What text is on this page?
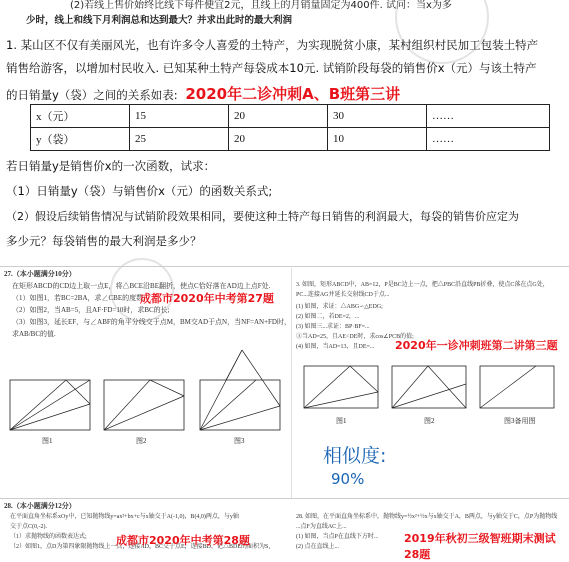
(2)若线上售价始终比线下每件便宜2元，且线上的月销量固定为400件. 试问：当x为多
少时，线上和线下月利润总和达到最大？并求出此时的最大利润
1. 某山区不仅有美丽风光，也有许多令人喜爱的土特产，为实现脱贫小康，某村组织村民加工包装土特产
销售给游客，以增加村民收入. 已知某种土特产每袋成本10元. 试销阶段每袋的销售价x（元）与该土特产
的日销量y（袋）之间的关系如表: 2020年二诊冲刺A、B班第三讲
x（元）	15	20	30	……
y（袋）	25	20	10	……
若日销量y是销售价x的一次函数，试求：
（1）日销量y（袋）与销售价x（元）的函数关系式;
（2）假设后续销售情况与试销阶段效果相同，要使这种土特产每日销售的利润最大，每袋的销售价应定为
多少元？每袋销售的最大利润是多少？
27.（本小题满分10分）
在矩形ABCD的CD边上取一点E，将△BCE沿BE翻折，使点C恰好落在AD边上点F处.
（1）如图1，若BC=2BA，求∠CBE的度数;
（2）如图2，当AB=5，且AF·FD=10时，求BC的长;
（3）如图3，延长EF，与∠ABF的角平分线交于点M，BM交AD于点N，当NF=AN+FD时，
求AB/BC的值.
成都市2020年中考第27题
图1	图2	图3
3. 如图，矩形ABCD中，AB=12，P是BC边上一点，把△PBC沿直线PB折叠，使点C落在点G处，
PC...连接AG并延长交射线CD于点...
(1) 如图，求证：△ABG∽△EDG;
(2) 如图二，若DE=2，...
(3) 如图三...求证：BP·BF=...
③当AD=25，且AE<DE时，求cos∠PCB的值;
(4) 如图，当AD=13，且DE=... 2020年一诊冲刺班第二讲第三题
图1	图2	图3备用图
相似度:
90%
28.（本小题满分12分）
在平面直角坐标系xOy中，已知抛物线y=ax²+bx+c与x轴交于A(-1,0)，B(4,0)两点，与y轴
交于点C(0,-2).
（1）求抛物线的函数表达式;
（2）如图1，点D为第四象限抛物线上一点，连接AD，BC交于点E，连接BD，记△BDE的面积为S₁
成都市2020年中考第28题
28. 如图，在平面直角坐标系中，抛物线y=½x²+½x与x轴交于A，B两点，与y轴交于C，点P为抛物线
...点F为直线AC上...
(1) 如图，当点P在直线下方时...
(2) 点在直线上...
2019年秋初三级智班期末测试28题
